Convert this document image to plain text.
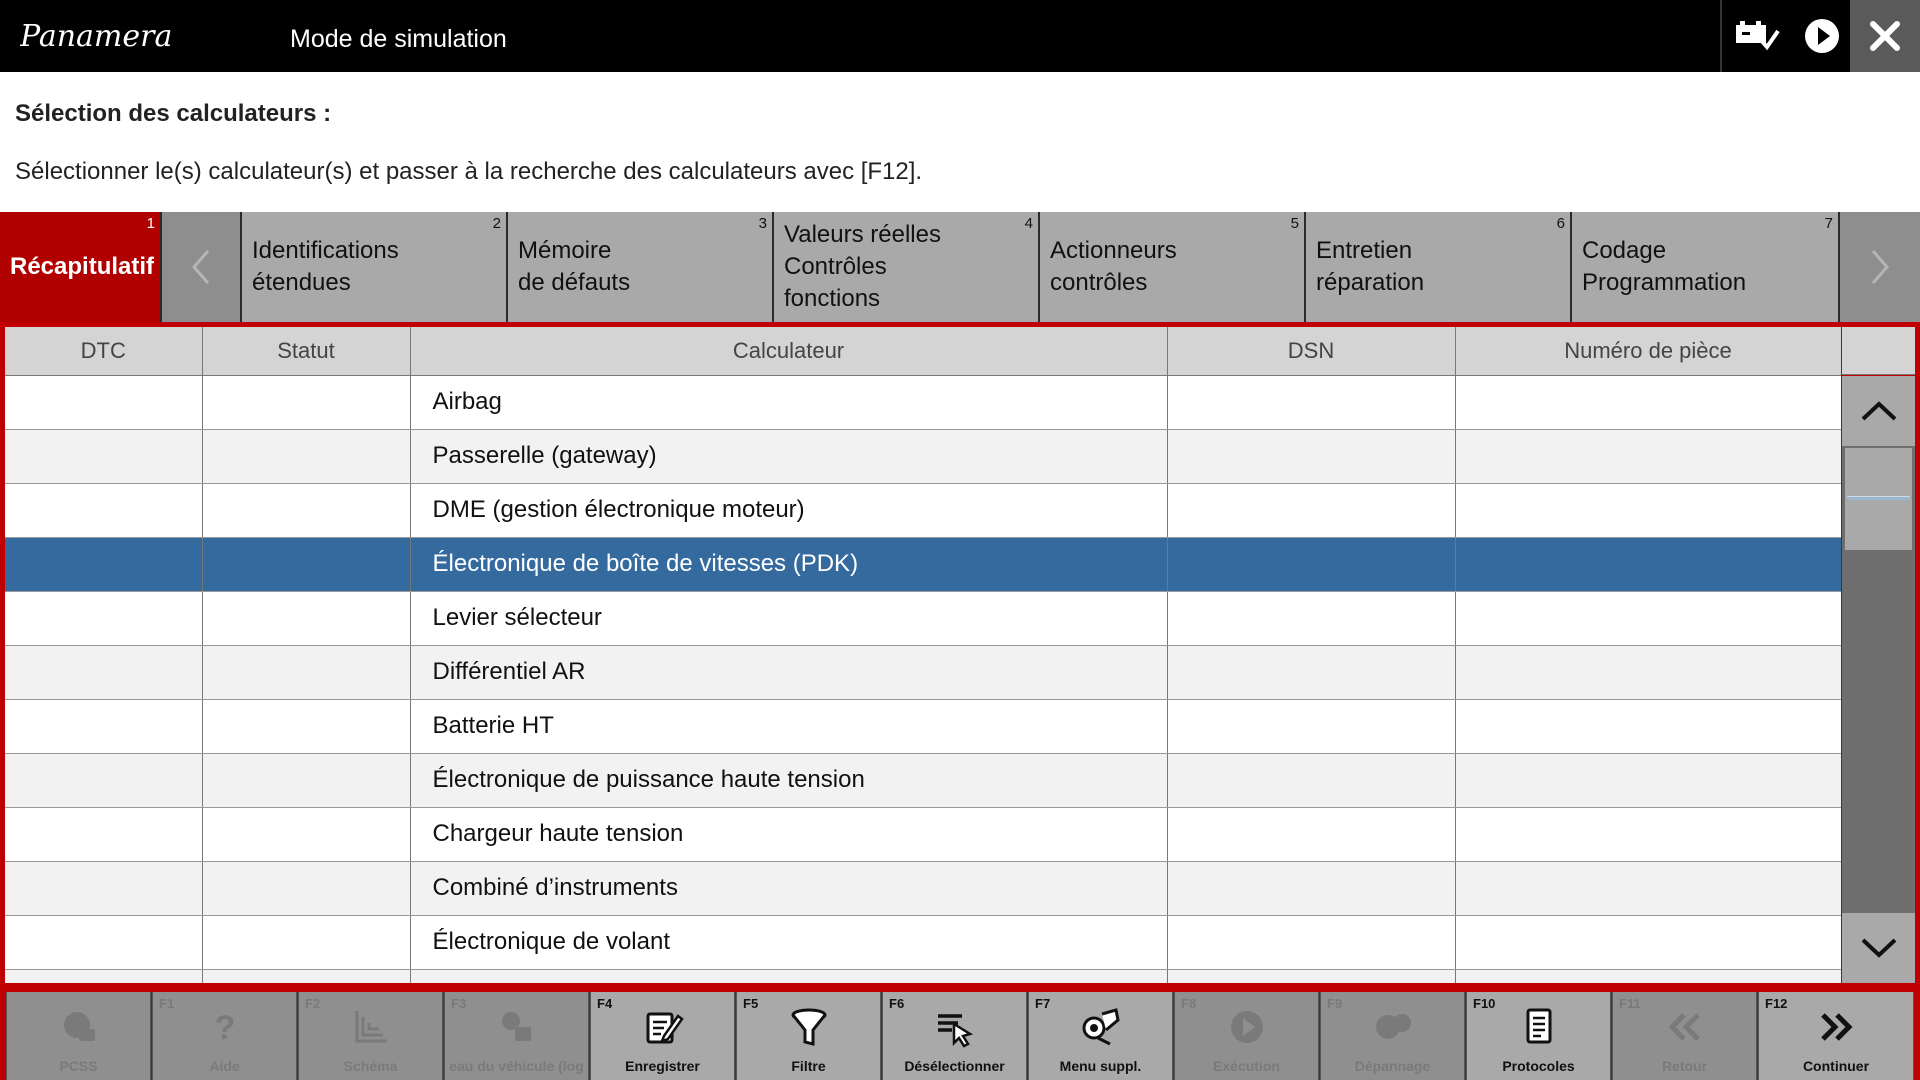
Panamera	Mode de simulation
Sélection des calculateurs :
Sélectionner le(s) calculateur(s) et passer à la recherche des calculateurs avec [F12].
1
Récapitulatif
2
Identifications
étendues
3
Mémoire
de défauts
4
Valeurs réelles
Contrôles
fonctions
5
Actionneurs
contrôles
6
Entretien
réparation
7
Codage
Programmation
DTC	Statut	Calculateur	DSN	Numéro de pièce
		Airbag		
		Passerelle (gateway)		
		DME (gestion électronique moteur)		
		Électronique de boîte de vitesses (PDK)		
		Levier sélecteur		
		Différentiel AR		
		Batterie HT		
		Électronique de puissance haute tension		
		Chargeur haute tension		
		Combiné d’instruments		
		Électronique de volant		

PCSS
F1
?
Aide
F2
Schéma
F3
eau du véhicule (log
F4
Enregistrer
F5
Filtre
F6
Désélectionner
F7
Menu suppl.
F8
Exécution
F9
Dépannage
F10
Protocoles
F11
Retour
F12
Continuer
